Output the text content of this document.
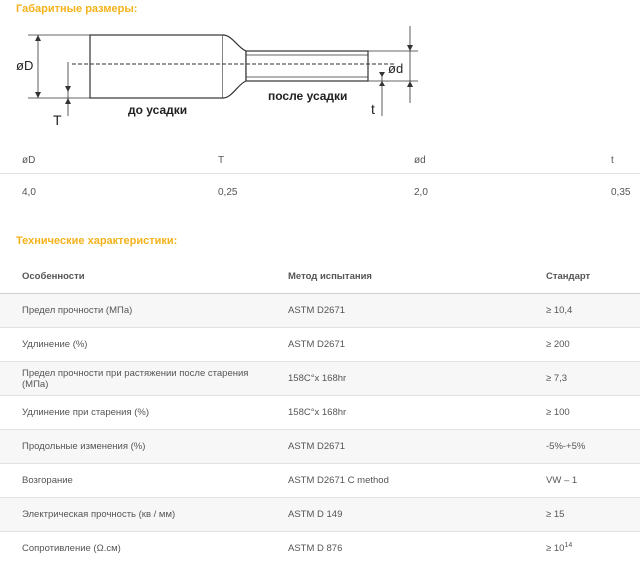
Габаритные размеры:
øD
T
до усадки
после усадки
ød
t
øD	T	ød	t
4,0	0,25	2,0	0,35
Технические характеристики:
Особенности	Метод испытания	Стандарт
Предел прочности (МПа)	ASTM D2671	≥ 10,4
Удлинение (%)	ASTM D2671	≥ 200
Предел прочности при растяжении после старения (МПа)	158С°х 168hr	≥ 7,3
Удлинение при старения (%)	158С°х 168hr	≥ 100
Продольные изменения (%)	ASTM D2671	-5%-+5%
Возгорание	ASTM D2671 C method	VW – 1
Электрическая прочность (кв / мм)	ASTM D 149	≥ 15
Сопротивление (Ω.см)	ASTM D 876	≥ $10^{14}$
